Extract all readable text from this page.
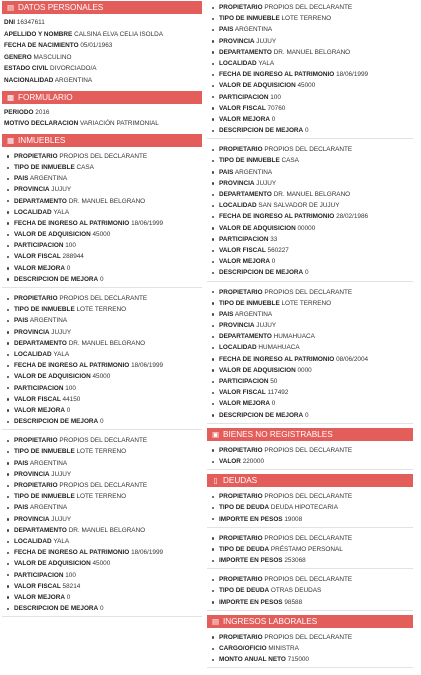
▤ DATOS PERSONALES
DNI 16347611
APELLIDO Y NOMBRE CALSINA ELVA CELIA ISOLDA
FECHA DE NACIMIENTO 05/01/1963
GENERO MASCULINO
ESTADO CIVIL DIVORCIADO/A
NACIONALIDAD ARGENTINA
▩ FORMULARIO
PERIODO 2016
MOTIVO DECLARACION VARIACIÓN PATRIMONIAL
▦ INMUEBLES
PROPIETARIO PROPIOS DEL DECLARANTE
TIPO DE INMUEBLE CASA
PAIS ARGENTINA
PROVINCIA JUJUY
DEPARTAMENTO DR. MANUEL BELGRANO
LOCALIDAD YALA
FECHA DE INGRESO AL PATRIMONIO 18/06/1999
VALOR DE ADQUISICION 45000
PARTICIPACION 100
VALOR FISCAL 288944
VALOR MEJORA 0
DESCRIPCION DE MEJORA 0
PROPIETARIO PROPIOS DEL DECLARANTE
TIPO DE INMUEBLE LOTE TERRENO
PAIS ARGENTINA
PROVINCIA JUJUY
DEPARTAMENTO DR. MANUEL BELGRANO
LOCALIDAD YALA
FECHA DE INGRESO AL PATRIMONIO 18/06/1999
VALOR DE ADQUISICION 45000
PARTICIPACION 100
VALOR FISCAL 44150
VALOR MEJORA 0
DESCRIPCION DE MEJORA 0
PROPIETARIO PROPIOS DEL DECLARANTE
TIPO DE INMUEBLE LOTE TERRENO
PAIS ARGENTINA
PROVINCIA JUJUY
PROPIETARIO PROPIOS DEL DECLARANTE
TIPO DE INMUEBLE LOTE TERRENO
PAIS ARGENTINA
PROVINCIA JUJUY
DEPARTAMENTO DR. MANUEL BELGRANO
LOCALIDAD YALA
FECHA DE INGRESO AL PATRIMONIO 18/06/1999
VALOR DE ADQUISICION 45000
PARTICIPACION 100
VALOR FISCAL 58214
VALOR MEJORA 0
DESCRIPCION DE MEJORA 0
PROPIETARIO PROPIOS DEL DECLARANTE
TIPO DE INMUEBLE LOTE TERRENO
PAIS ARGENTINA
PROVINCIA JUJUY
DEPARTAMENTO DR. MANUEL BELGRANO
LOCALIDAD YALA
FECHA DE INGRESO AL PATRIMONIO 18/06/1999
VALOR DE ADQUISICION 45000
PARTICIPACION 100
VALOR FISCAL 70760
VALOR MEJORA 0
DESCRIPCION DE MEJORA 0
PROPIETARIO PROPIOS DEL DECLARANTE
TIPO DE INMUEBLE CASA
PAIS ARGENTINA
PROVINCIA JUJUY
DEPARTAMENTO DR. MANUEL BELGRANO
LOCALIDAD SAN SALVADOR DE JUJUY
FECHA DE INGRESO AL PATRIMONIO 28/02/1986
VALOR DE ADQUISICION 00000
PARTICIPACION 33
VALOR FISCAL 560227
VALOR MEJORA 0
DESCRIPCION DE MEJORA 0
PROPIETARIO PROPIOS DEL DECLARANTE
TIPO DE INMUEBLE LOTE TERRENO
PAIS ARGENTINA
PROVINCIA JUJUY
DEPARTAMENTO HUMAHUACA
LOCALIDAD HUMAHUACA
FECHA DE INGRESO AL PATRIMONIO 08/06/2004
VALOR DE ADQUISICION 0000
PARTICIPACION 50
VALOR FISCAL 117492
VALOR MEJORA 0
DESCRIPCION DE MEJORA 0
▣ BIENES NO REGISTRABLES
PROPIETARIO PROPIOS DEL DECLARANTE
VALOR 220000
▯ DEUDAS
PROPIETARIO PROPIOS DEL DECLARANTE
TIPO DE DEUDA DEUDA HIPOTECARIA
IMPORTE EN PESOS 19008
PROPIETARIO PROPIOS DEL DECLARANTE
TIPO DE DEUDA PRÉSTAMO PERSONAL
IMPORTE EN PESOS 253068
PROPIETARIO PROPIOS DEL DECLARANTE
TIPO DE DEUDA OTRAS DEUDAS
IMPORTE EN PESOS 98588
▤ INGRESOS LABORALES
PROPIETARIO PROPIOS DEL DECLARANTE
CARGO/OFICIO MINISTRA
MONTO ANUAL NETO 715000
